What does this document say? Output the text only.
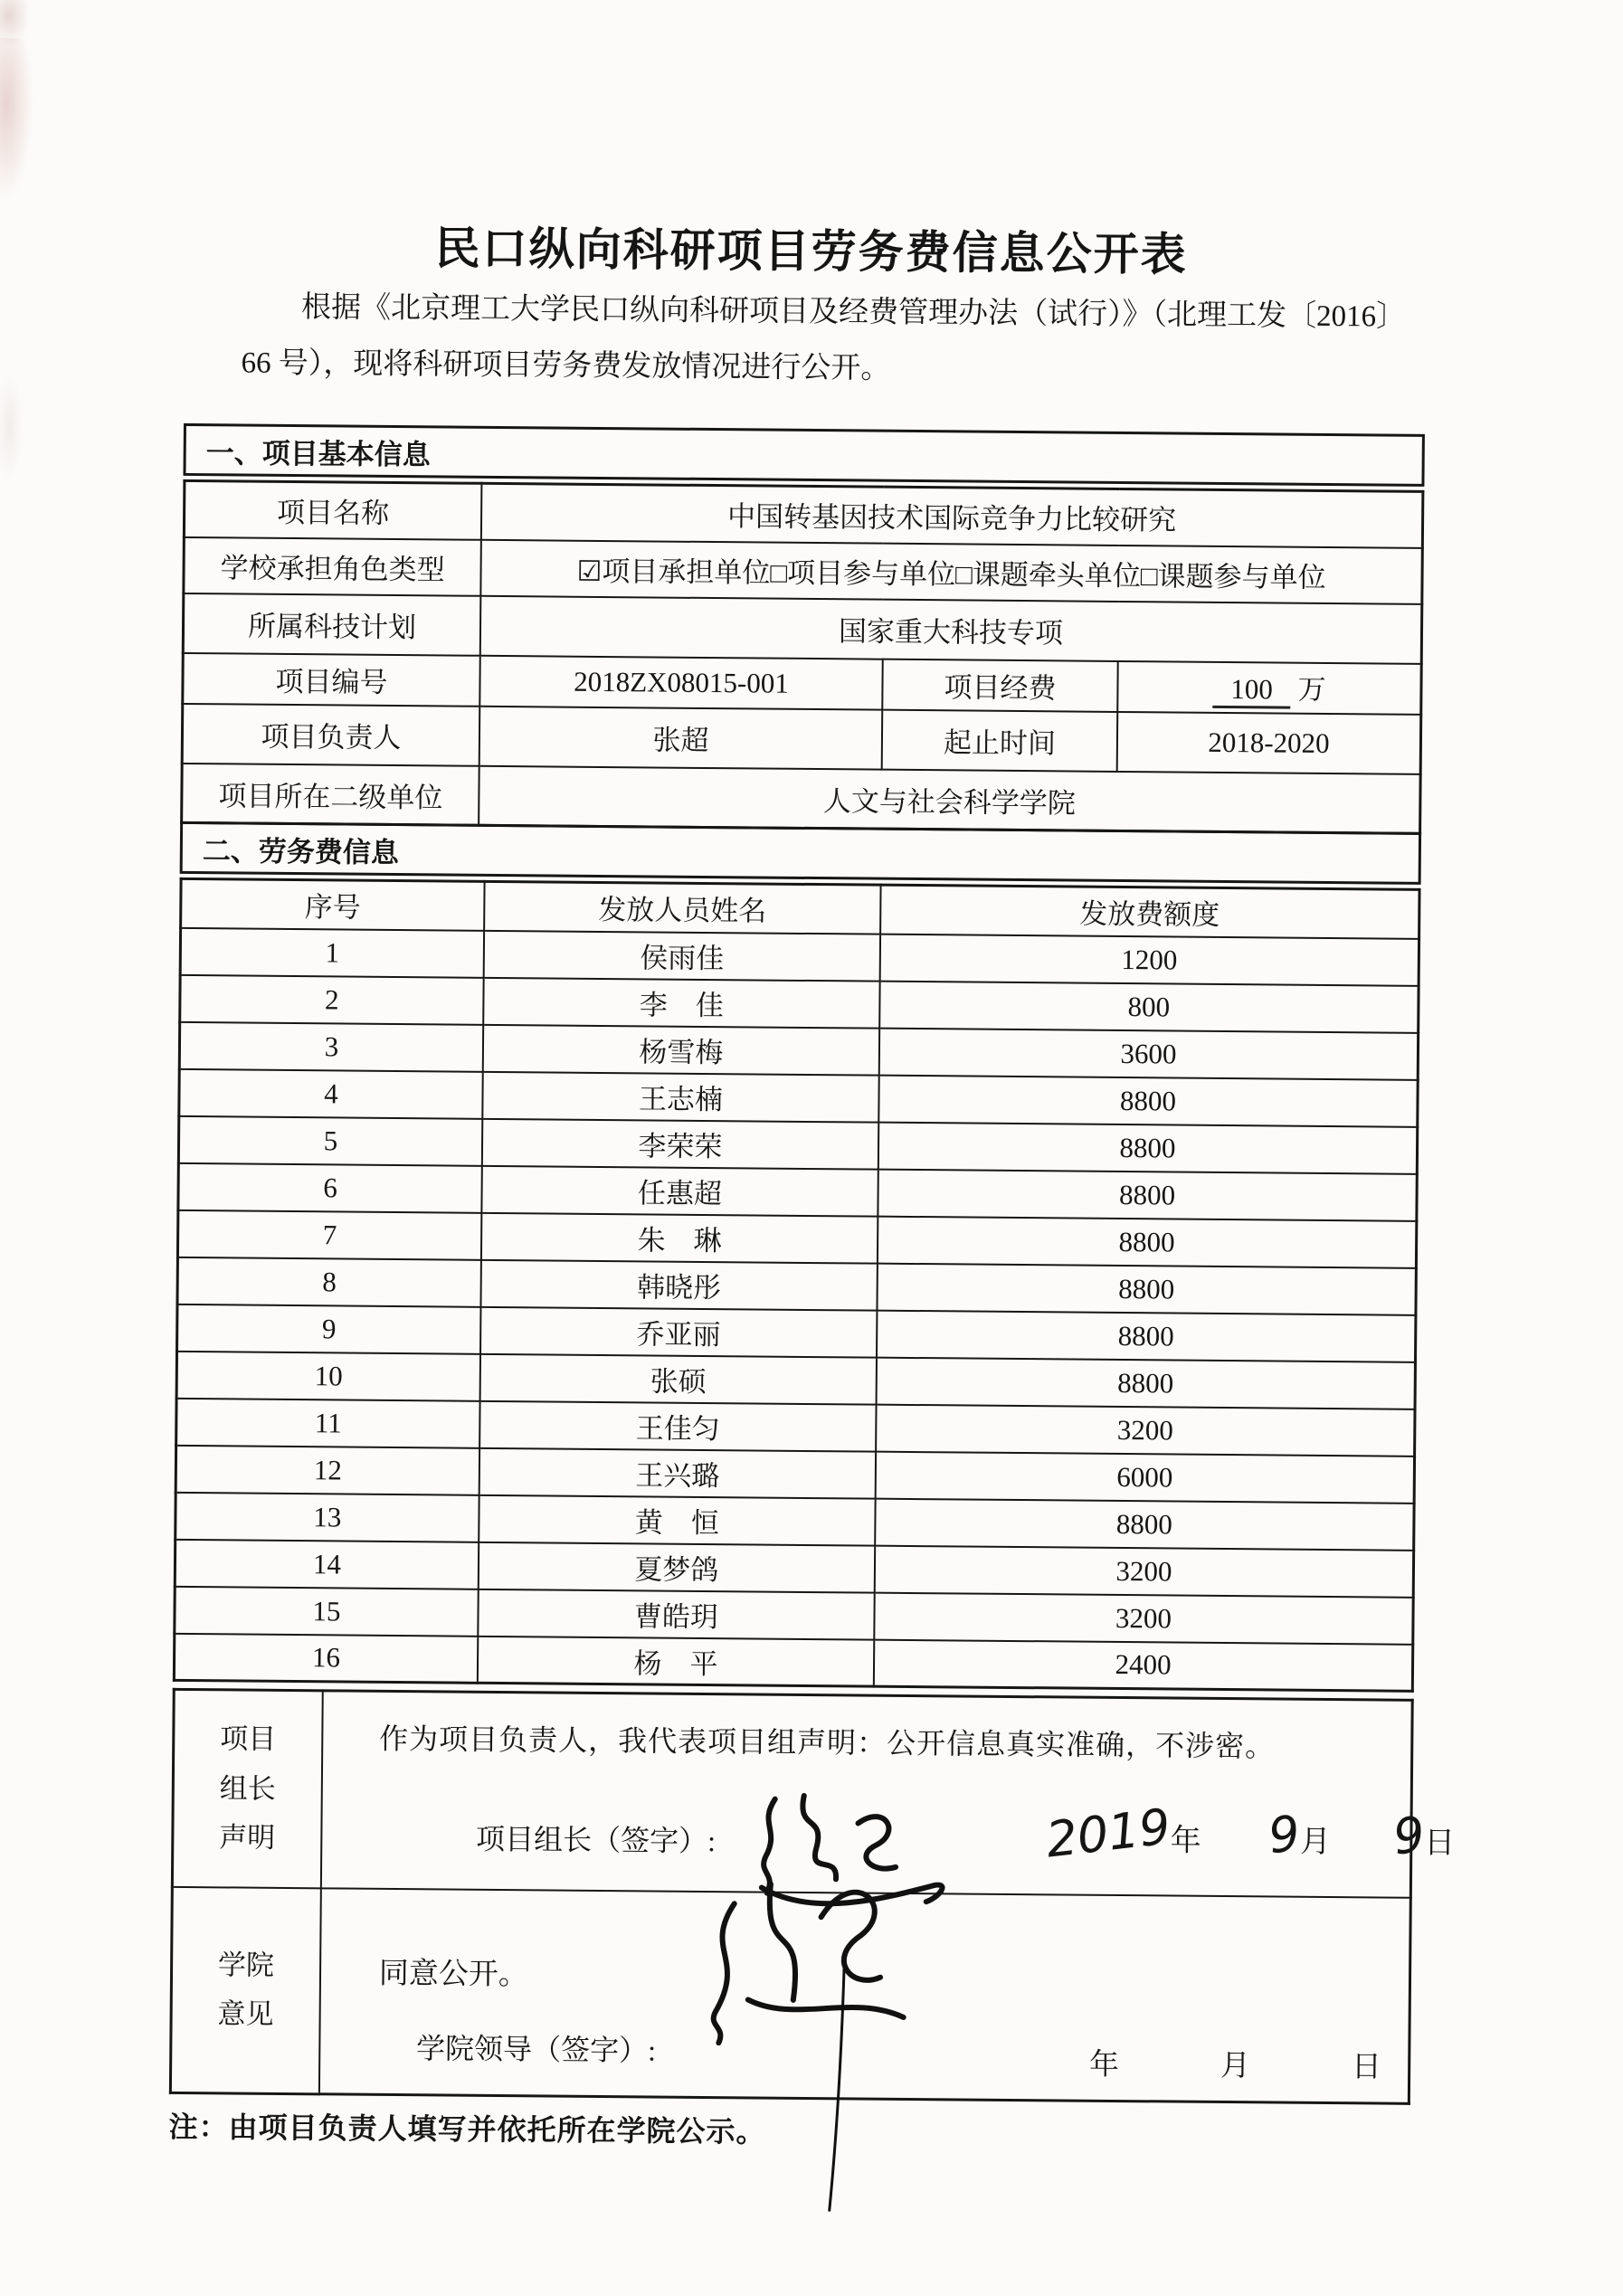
民口纵向科研项目劳务费信息公开表

根据《北京理工大学民口纵向科研项目及经费管理办法（试行）》（北理工发〔2016〕66 号），现将科研项目劳务费发放情况进行公开。

一、项目基本信息
项目名称	中国转基因技术国际竞争力比较研究		
学校承担角色类型	☑项目承担单位□项目参与单位□课题牵头单位□课题参与单位		
所属科技计划	国家重大科技专项		
项目编号	2018ZX08015-001	项目经费	100 万
项目负责人	张超	起止时间	2018-2020
项目所在二级单位	人文与社会科学学院		
二、劳务费信息
序号	发放人员姓名	发放费额度
1	侯雨佳	1200
2	李　佳	800
3	杨雪梅	3600
4	王志楠	8800
5	李荣荣	8800
6	任惠超	8800
7	朱　琳	8800
8	韩晓彤	8800
9	乔亚丽	8800
10	张硕	8800
11	王佳匀	3200
12	王兴璐	6000
13	黄　恒	8800
14	夏梦鸽	3200
15	曹皓玥	3200
16	杨　平	2400
项目
组长
声明	作为项目负责人，我代表项目组声明：公开信息真实准确，不涉密。

项目组长（签字）: 2019年 9月 9日

学院
意见	同意公开。

学院领导（签字）: 年 月 日

注：由项目负责人填写并依托所在学院公示。
